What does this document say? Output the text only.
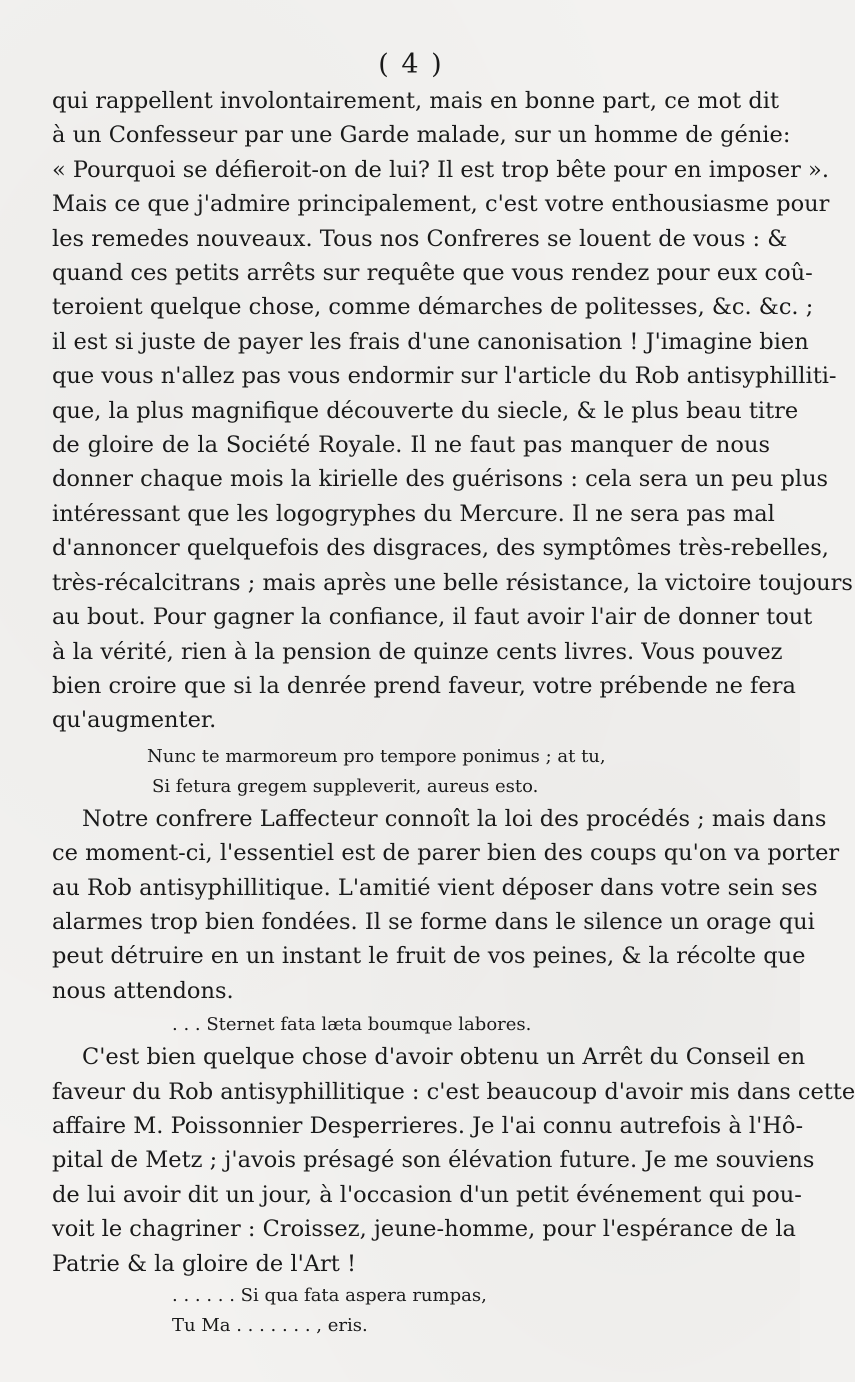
( 4 )
qui rappellent involontairement, mais en bonne part, ce mot dit
à un Confesseur par une Garde malade, sur un homme de génie:
« Pourquoi se défieroit-on de lui? Il est trop bête pour en imposer ».
Mais ce que j'admire principalement, c'est votre enthousiasme pour
les remedes nouveaux. Tous nos Confreres se louent de vous : &
quand ces petits arrêts sur requête que vous rendez pour eux coû-
teroient quelque chose, comme démarches de politesses, &c. &c. ;
il est si juste de payer les frais d'une canonisation ! J'imagine bien
que vous n'allez pas vous endormir sur l'article du Rob antisyphilliti-
que, la plus magnifique découverte du siecle, & le plus beau titre
de gloire de la Société Royale. Il ne faut pas manquer de nous
donner chaque mois la kirielle des guérisons : cela sera un peu plus
intéressant que les logogryphes du Mercure. Il ne sera pas mal
d'annoncer quelquefois des disgraces, des symptômes très-rebelles,
très-récalcitrans ; mais après une belle résistance, la victoire toujours
au bout. Pour gagner la confiance, il faut avoir l'air de donner tout
à la vérité, rien à la pension de quinze cents livres. Vous pouvez
bien croire que si la denrée prend faveur, votre prébende ne fera
qu'augmenter.
Nunc te marmoreum pro tempore ponimus ; at tu,
Si fetura gregem suppleverit, aureus esto.
Notre confrere Laffecteur connoît la loi des procédés ; mais dans
ce moment-ci, l'essentiel est de parer bien des coups qu'on va porter
au Rob antisyphillitique. L'amitié vient déposer dans votre sein ses
alarmes trop bien fondées. Il se forme dans le silence un orage qui
peut détruire en un instant le fruit de vos peines, & la récolte que
nous attendons.
. . . Sternet fata læta boumque labores.
C'est bien quelque chose d'avoir obtenu un Arrêt du Conseil en
faveur du Rob antisyphillitique : c'est beaucoup d'avoir mis dans cette
affaire M. Poissonnier Desperrieres. Je l'ai connu autrefois à l'Hô-
pital de Metz ; j'avois présagé son élévation future. Je me souviens
de lui avoir dit un jour, à l'occasion d'un petit événement qui pou-
voit le chagriner : Croissez, jeune-homme, pour l'espérance de la
Patrie & la gloire de l'Art !
. . . . . . Si qua fata aspera rumpas,
Tu Ma . . . . . . . , eris.
